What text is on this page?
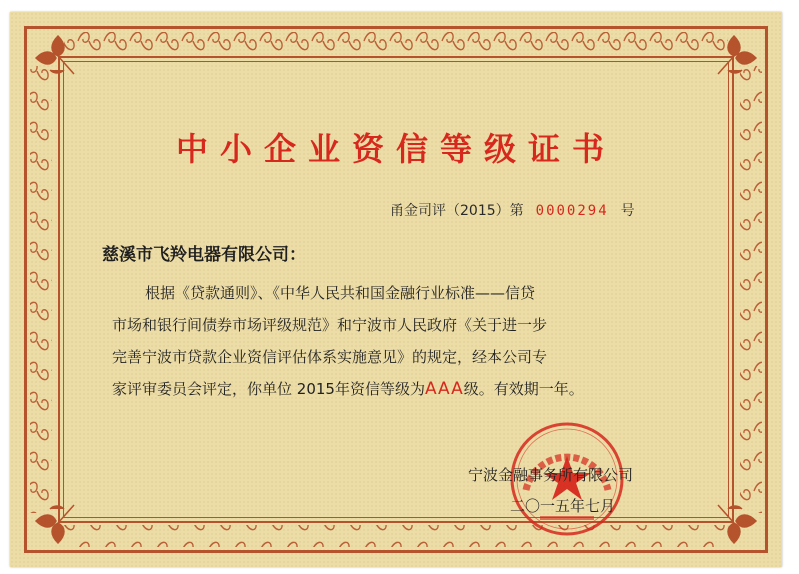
中小企业资信等级证书
甬金司评（2015）第 0000294 号
慈溪市飞羚电器有限公司：
根据《贷款通则》、《中华人民共和国金融行业标准——信贷
市场和银行间债券市场评级规范》和宁波市人民政府《关于进一步
完善宁波市贷款企业资信评估体系实施意见》的规定，经本公司专
家评审委员会评定，你单位 2015年资信等级为AAA级。有效期一年。
宁波金融事务所有限公司
二〇一五年七月
